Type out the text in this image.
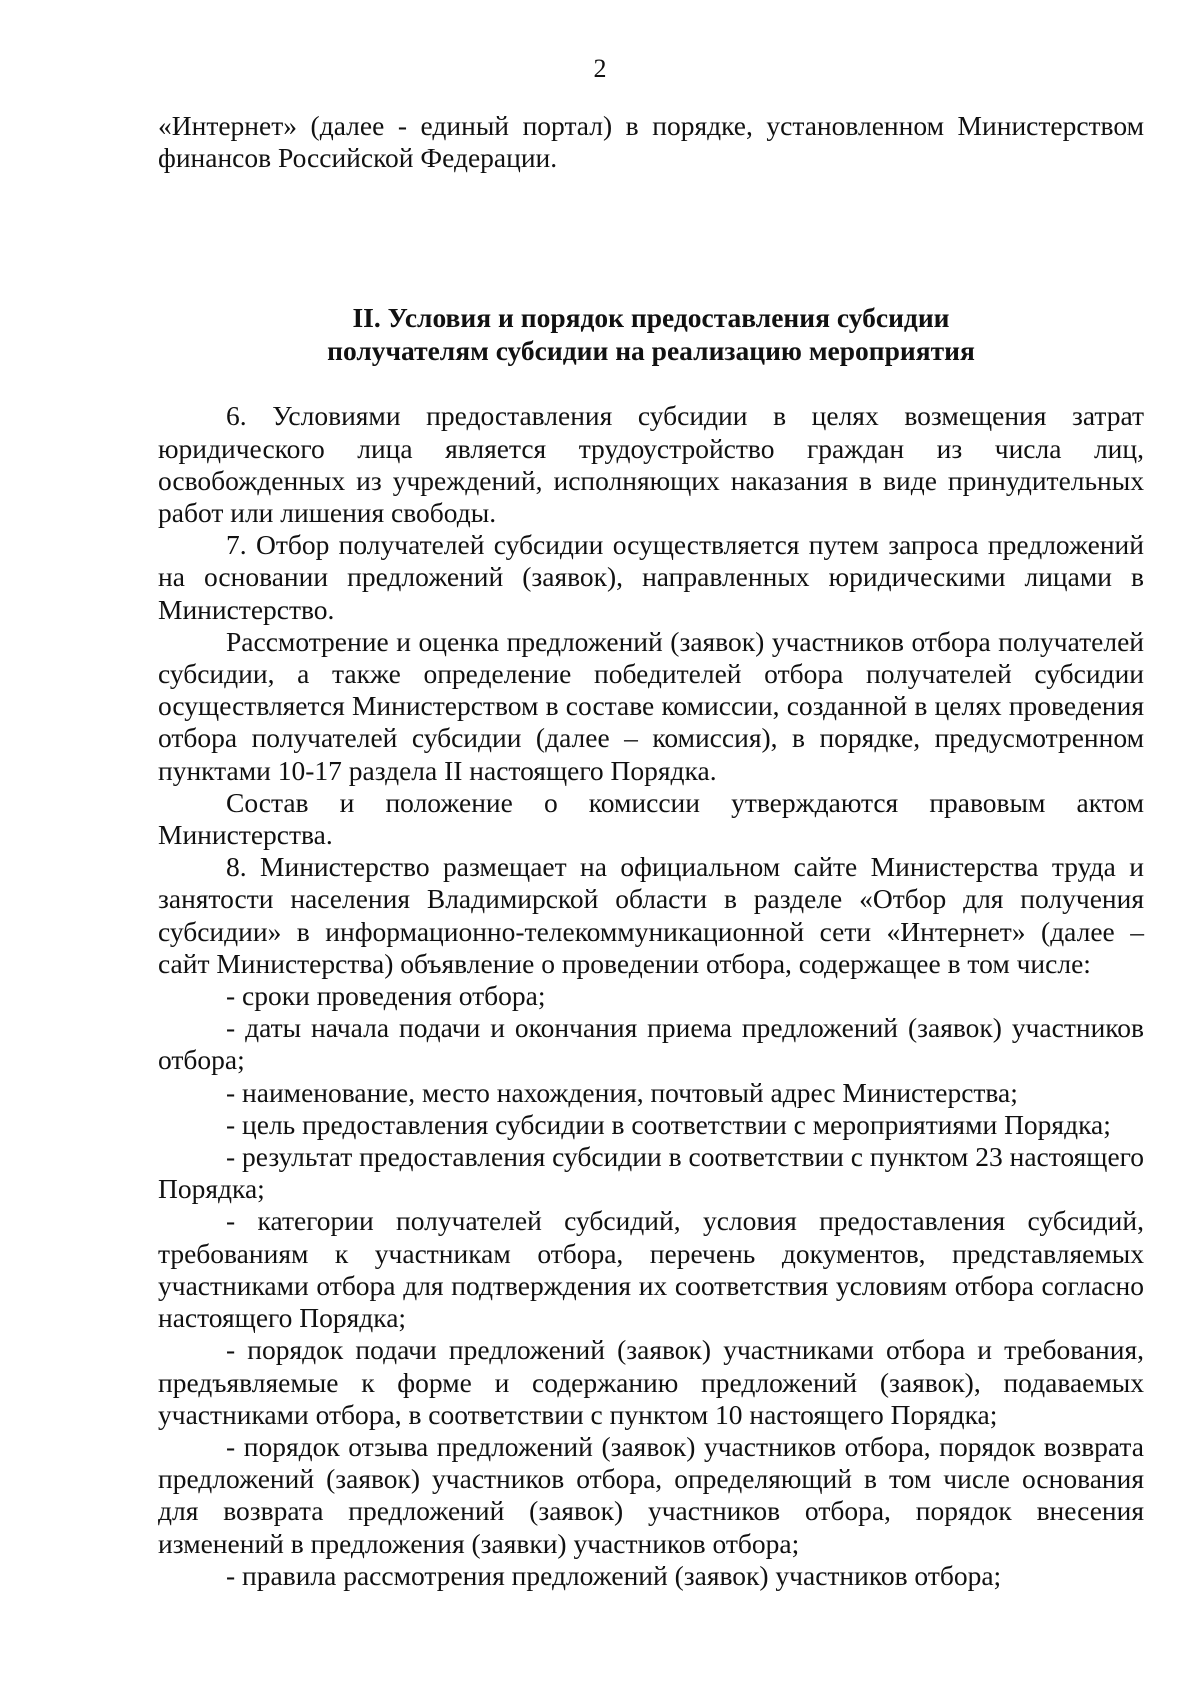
2

«Интернет» (далее - единый портал) в порядке, установленном Министерством финансов Российской Федерации.

II. Условия и порядок предоставления субсидии
получателям субсидии на реализацию мероприятия

6. Условиями предоставления субсидии в целях возмещения затрат юридического лица является трудоустройство граждан из числа лиц, освобожденных из учреждений, исполняющих наказания в виде принудительных работ или лишения свободы.

7. Отбор получателей субсидии осуществляется путем запроса предложений на основании предложений (заявок), направленных юридическими лицами в Министерство.

Рассмотрение и оценка предложений (заявок) участников отбора получателей субсидии, а также определение победителей отбора получателей субсидии осуществляется Министерством в составе комиссии, созданной в целях проведения отбора получателей субсидии (далее – комиссия), в порядке, предусмотренном пунктами 10-17 раздела II настоящего Порядка.

Состав и положение о комиссии утверждаются правовым актом Министерства.

8. Министерство размещает на официальном сайте Министерства труда и занятости населения Владимирской области в разделе «Отбор для получения субсидии» в информационно-телекоммуникационной сети «Интернет» (далее – сайт Министерства) объявление о проведении отбора, содержащее в том числе:

- сроки проведения отбора;

- даты начала подачи и окончания приема предложений (заявок) участников отбора;

- наименование, место нахождения, почтовый адрес Министерства;

- цель предоставления субсидии в соответствии с мероприятиями Порядка;

- результат предоставления субсидии в соответствии с пунктом 23 настоящего Порядка;

- категории получателей субсидий, условия предоставления субсидий, требованиям к участникам отбора, перечень документов, представляемых участниками отбора для подтверждения их соответствия условиям отбора согласно настоящего Порядка;

- порядок подачи предложений (заявок) участниками отбора и требования, предъявляемые к форме и содержанию предложений (заявок), подаваемых участниками отбора, в соответствии с пунктом 10 настоящего Порядка;

- порядок отзыва предложений (заявок) участников отбора, порядок возврата предложений (заявок) участников отбора, определяющий в том числе основания для возврата предложений (заявок) участников отбора, порядок внесения изменений в предложения (заявки) участников отбора;

- правила рассмотрения предложений (заявок) участников отбора;
